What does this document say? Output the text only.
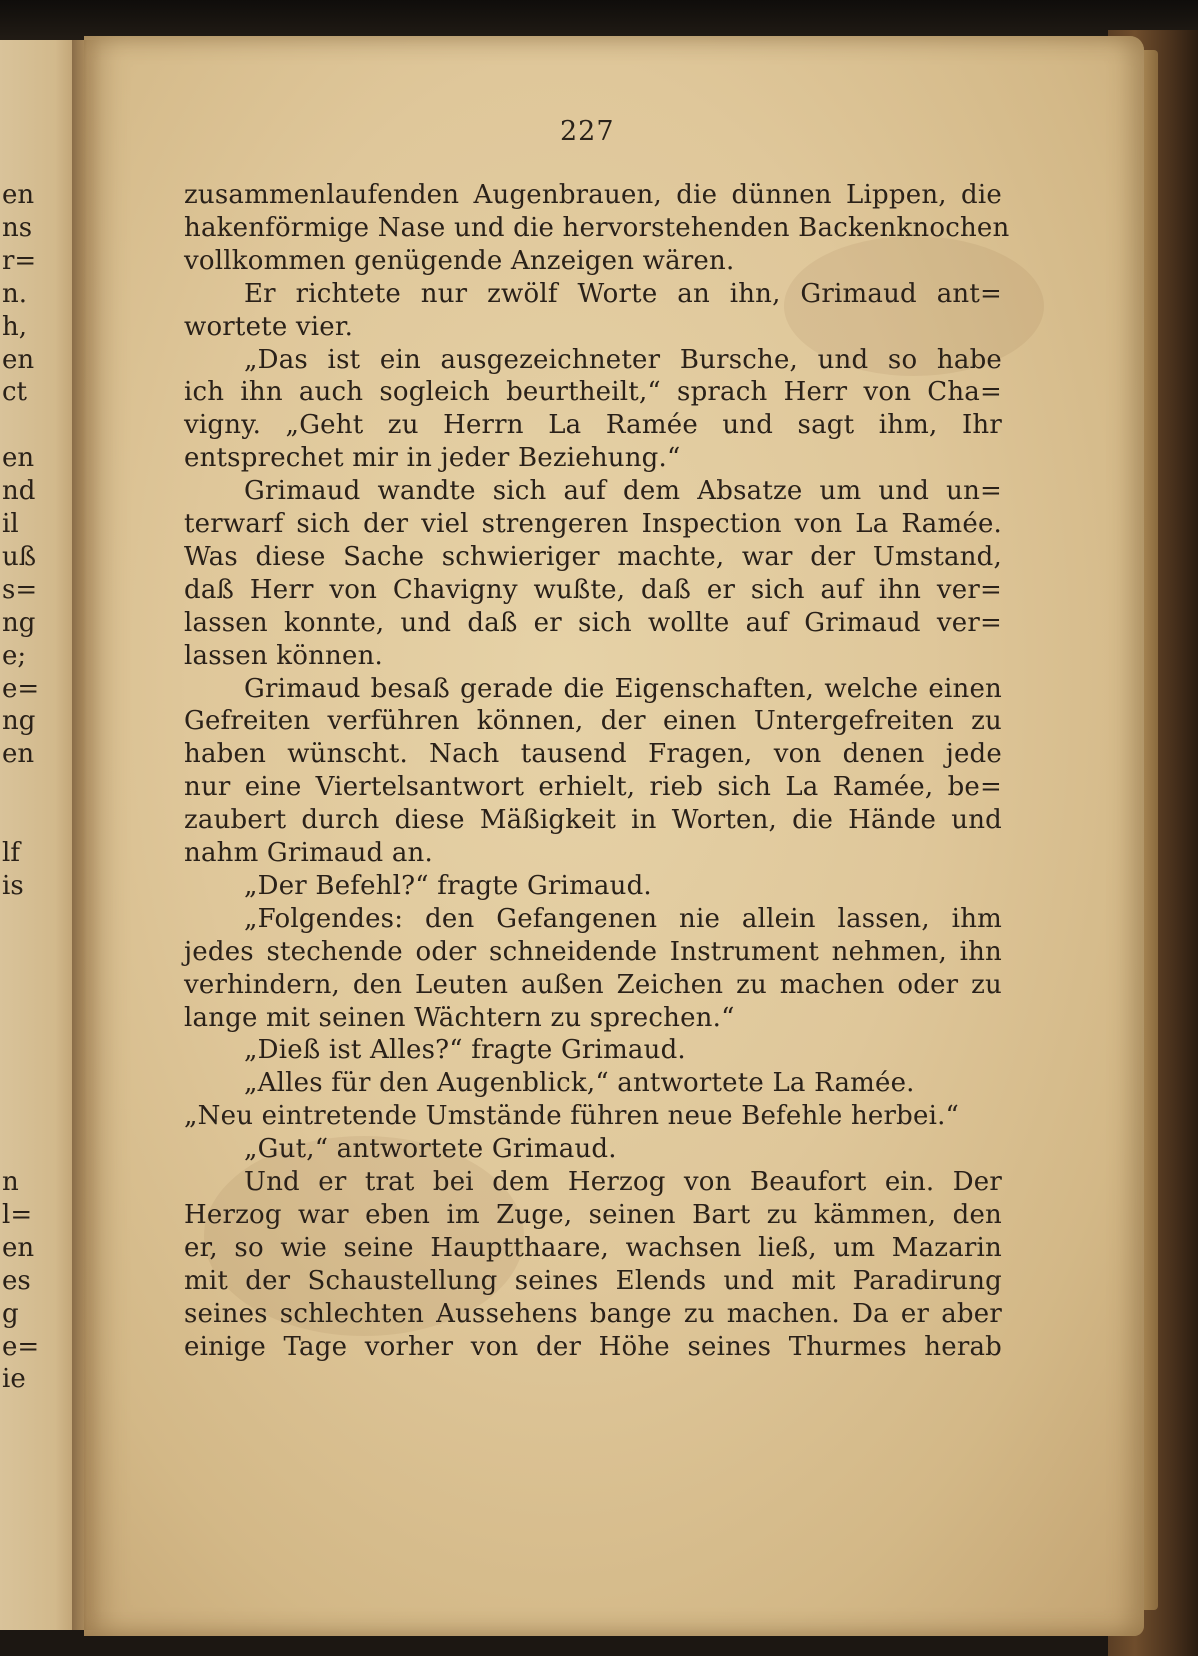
en
ns
r=
n.
h,
en
ct
en
nd
il
uß
s=
ng
e;
e=
ng
en
lf
is
n
l=
en
es
g
e=
ie
227
zusammenlaufenden Augenbrauen, die dünnen Lippen, die
hakenförmige Nase und die hervorstehenden Backenknochen
vollkommen genügende Anzeigen wären.
Er richtete nur zwölf Worte an ihn, Grimaud ant=
wortete vier.
„Das ist ein ausgezeichneter Bursche, und so habe
ich ihn auch sogleich beurtheilt,“ sprach Herr von Cha=
vigny. „Geht zu Herrn La Ramée und sagt ihm, Ihr
entsprechet mir in jeder Beziehung.“
Grimaud wandte sich auf dem Absatze um und un=
terwarf sich der viel strengeren Inspection von La Ramée.
Was diese Sache schwieriger machte, war der Umstand,
daß Herr von Chavigny wußte, daß er sich auf ihn ver=
lassen konnte, und daß er sich wollte auf Grimaud ver=
lassen können.
Grimaud besaß gerade die Eigenschaften, welche einen
Gefreiten verführen können, der einen Untergefreiten zu
haben wünscht. Nach tausend Fragen, von denen jede
nur eine Viertelsantwort erhielt, rieb sich La Ramée, be=
zaubert durch diese Mäßigkeit in Worten, die Hände und
nahm Grimaud an.
„Der Befehl?“ fragte Grimaud.
„Folgendes: den Gefangenen nie allein lassen, ihm
jedes stechende oder schneidende Instrument nehmen, ihn
verhindern, den Leuten außen Zeichen zu machen oder zu
lange mit seinen Wächtern zu sprechen.“
„Dieß ist Alles?“ fragte Grimaud.
„Alles für den Augenblick,“ antwortete La Ramée.
„Neu eintretende Umstände führen neue Befehle herbei.“
„Gut,“ antwortete Grimaud.
Und er trat bei dem Herzog von Beaufort ein. Der
Herzog war eben im Zuge, seinen Bart zu kämmen, den
er, so wie seine Hauptthaare, wachsen ließ, um Mazarin
mit der Schaustellung seines Elends und mit Paradirung
seines schlechten Aussehens bange zu machen. Da er aber
einige Tage vorher von der Höhe seines Thurmes herab
